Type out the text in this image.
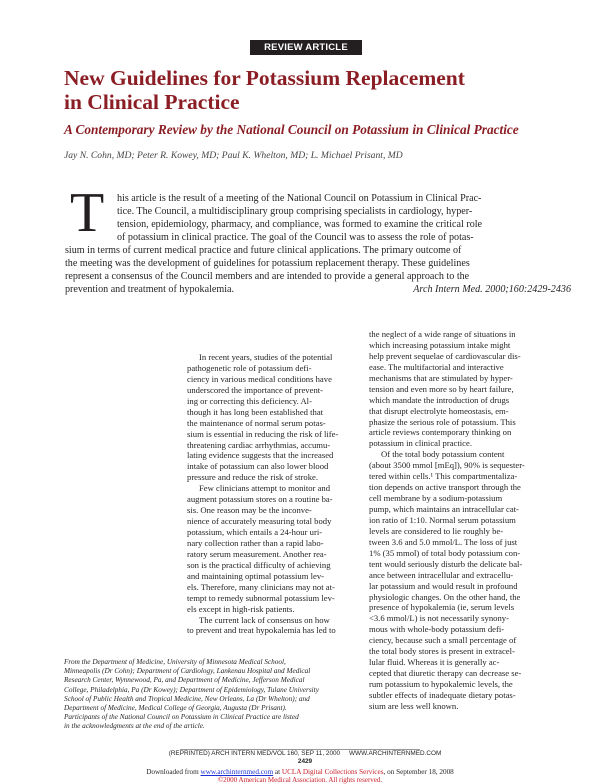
REVIEW ARTICLE
New Guidelines for Potassium Replacement
in Clinical Practice
A Contemporary Review by the National Council on Potassium in Clinical Practice
Jay N. Cohn, MD; Peter R. Kowey, MD; Paul K. Whelton, MD; L. Michael Prisant, MD
T	his article is the result of a meeting of the National Council on Potassium in Clinical Prac-
tice. The Council, a multidisciplinary group comprising specialists in cardiology, hyper-
tension, epidemiology, pharmacy, and compliance, was formed to examine the critical role
of potassium in clinical practice. The goal of the Council was to assess the role of potas-
sium in terms of current medical practice and future clinical applications. The primary outcome of
the meeting was the development of guidelines for potassium replacement therapy. These guidelines
represent a consensus of the Council members and are intended to provide a general approach to the
Arch Intern Med. 2000;160:2429-2436
prevention and treatment of hypokalemia.
In recent years, studies of the potential
pathogenetic role of potassium defi-
ciency in various medical conditions have
underscored the importance of prevent-
ing or correcting this deficiency. Al-
though it has long been established that
the maintenance of normal serum potas-
sium is essential in reducing the risk of life-
threatening cardiac arrhythmias, accumu-
lating evidence suggests that the increased
intake of potassium can also lower blood
pressure and reduce the risk of stroke.
Few clinicians attempt to monitor and
augment potassium stores on a routine ba-
sis. One reason may be the inconve-
nience of accurately measuring total body
potassium, which entails a 24-hour uri-
nary collection rather than a rapid labo-
ratory serum measurement. Another rea-
son is the practical difficulty of achieving
and maintaining optimal potassium lev-
els. Therefore, many clinicians may not at-
tempt to remedy subnormal potassium lev-
els except in high-risk patients.
The current lack of consensus on how
to prevent and treat hypokalemia has led to
the neglect of a wide range of situations in
which increasing potassium intake might
help prevent sequelae of cardiovascular dis-
ease. The multifactorial and interactive
mechanisms that are stimulated by hyper-
tension and even more so by heart failure,
which mandate the introduction of drugs
that disrupt electrolyte homeostasis, em-
phasize the serious role of potassium. This
article reviews contemporary thinking on
potassium in clinical practice.
Of the total body potassium content
(about 3500 mmol [mEq]), 90% is sequester-
tered within cells.¹ This compartmentaliza-
tion depends on active transport through the
cell membrane by a sodium-potassium
pump, which maintains an intracellular cat-
ion ratio of 1:10. Normal serum potassium
levels are considered to lie roughly be-
tween 3.6 and 5.0 mmol/L. The loss of just
1% (35 mmol) of total body potassium con-
tent would seriously disturb the delicate bal-
ance between intracellular and extracellu-
lar potassium and would result in profound
physiologic changes. On the other hand, the
presence of hypokalemia (ie, serum levels
<3.6 mmol/L) is not necessarily synony-
mous with whole-body potassium defi-
ciency, because such a small percentage of
the total body stores is present in extracel-
lular fluid. Whereas it is generally ac-
cepted that diuretic therapy can decrease se-
rum potassium to hypokalemic levels, the
subtler effects of inadequate dietary potas-
sium are less well known.
From the Department of Medicine, University of Minnesota Medical School,
Minneapolis (Dr Cohn); Department of Cardiology, Lankenau Hospital and Medical
Research Center, Wynnewood, Pa, and Department of Medicine, Jefferson Medical
College, Philadelphia, Pa (Dr Kowey); Department of Epidemiology, Tulane University
School of Public Health and Tropical Medicine, New Orleans, La (Dr Whelton); and
Department of Medicine, Medical College of Georgia, Augusta (Dr Prisant).
Participants of the National Council on Potassium in Clinical Practice are listed
in the acknowledgments at the end of the article.
(REPRINTED) ARCH INTERN MED/VOL 160, SEP 11, 2000 WWW.ARCHINTERNMED.COM
2429
Downloaded from www.archinternmed.com at UCLA Digital Collections Services, on September 18, 2008
©2000 American Medical Association. All rights reserved.
